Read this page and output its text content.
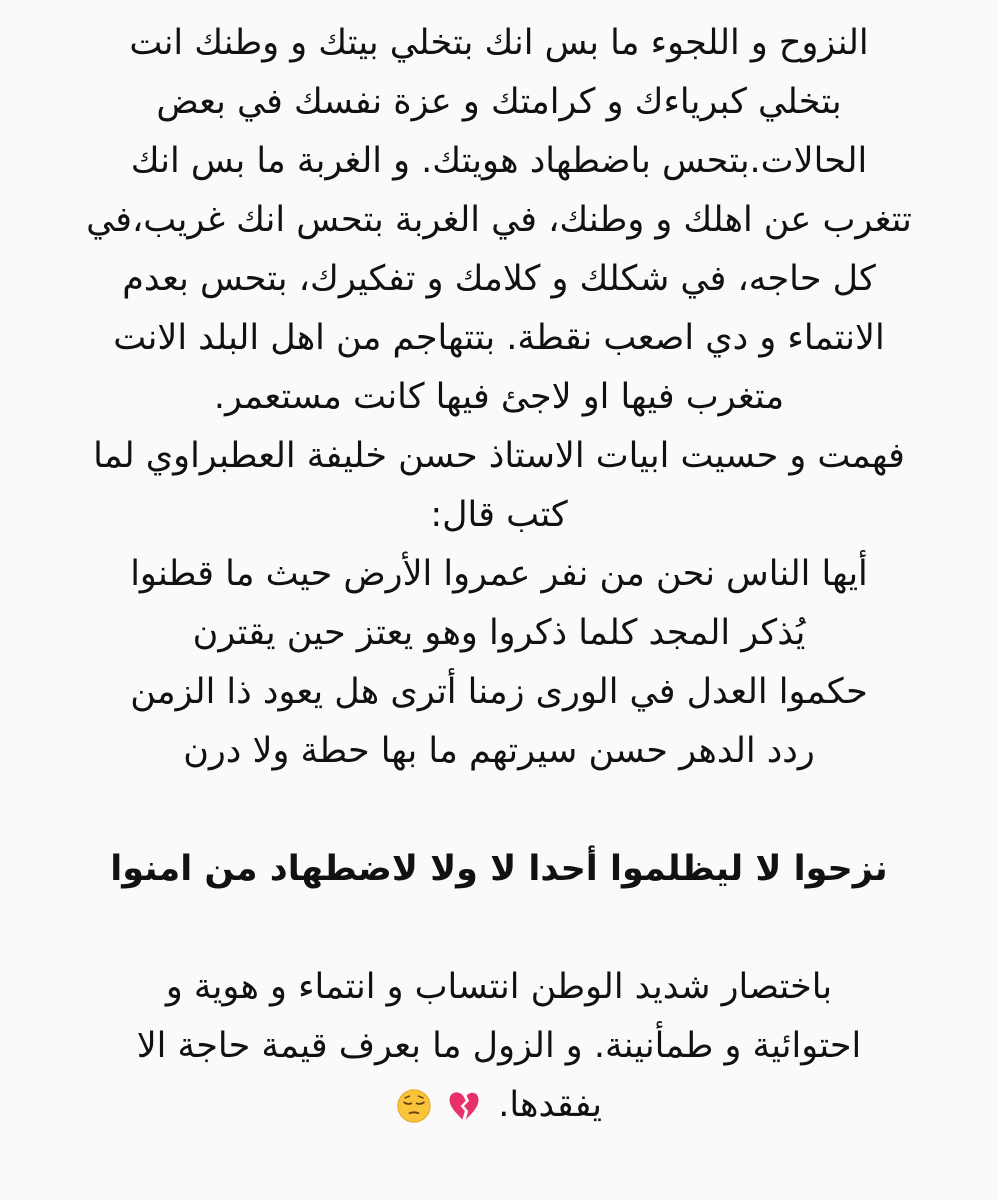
النزوح و اللجوء ما بس انك بتخلي بيتك و وطنك انت
بتخلي كبرياءك و كرامتك و عزة نفسك في بعض
الحالات.بتحس باضطهاد هويتك. و الغربة ما بس انك
تتغرب عن اهلك و وطنك، في الغربة بتحس انك غريب،في
كل حاجه، في شكلك و كلامك و تفكيرك، بتحس بعدم
الانتماء و دي اصعب نقطة. بتتهاجم من اهل البلد الانت
متغرب فيها او لاجئ فيها كانت مستعمر.
فهمت و حسيت ابيات الاستاذ حسن خليفة العطبراوي لما
كتب قال:
أيها الناس نحن من نفر عمروا الأرض حيث ما قطنوا
يُذكر المجد كلما ذكروا وهو يعتز حين يقترن
حكموا العدل في الورى زمنا أترى هل يعود ذا الزمن
ردد الدهر حسن سيرتهم ما بها حطة ولا درن
نزحوا لا ليظلموا أحدا لا ولا لاضطهاد من امنوا
باختصار شديد الوطن انتساب و انتماء و هوية و
احتوائية و طمأنينة. و الزول ما بعرف قيمة حاجة الا
يفقدها.
